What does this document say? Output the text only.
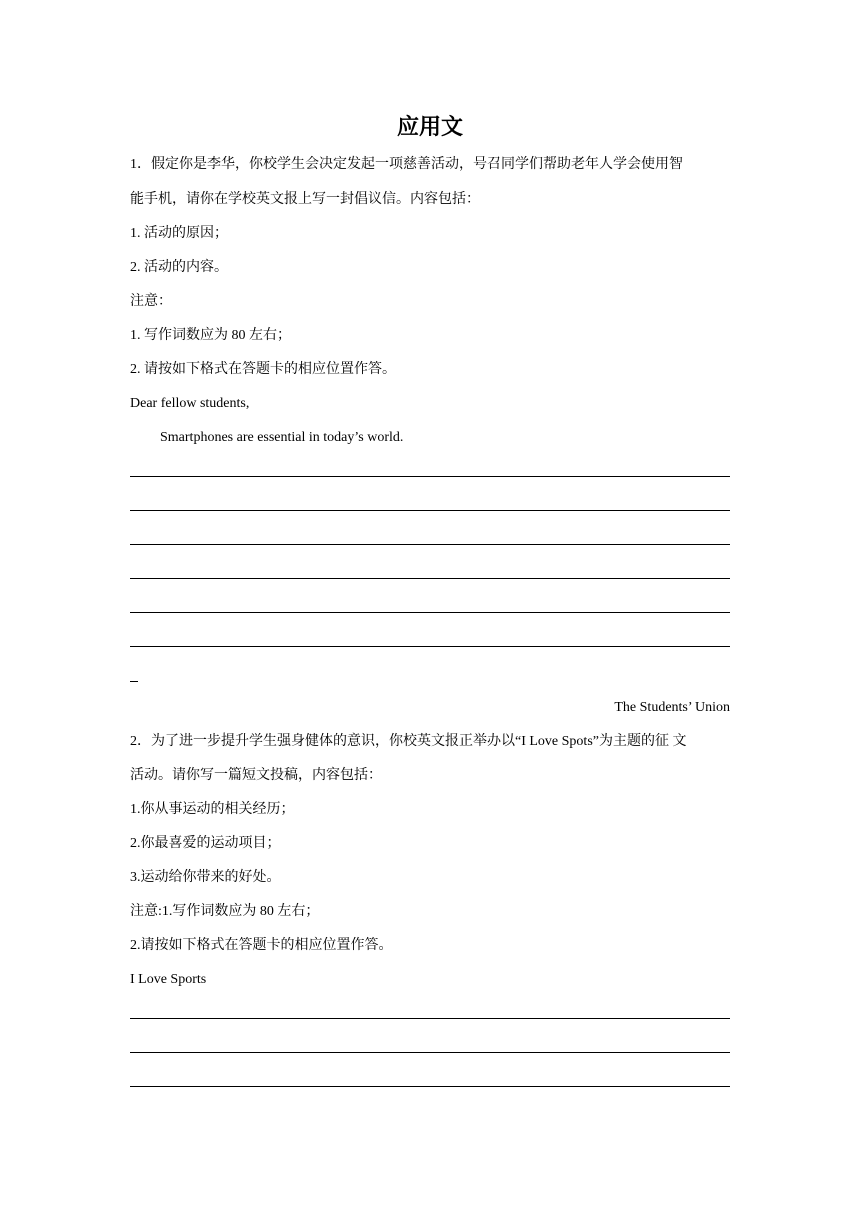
应用文
1．假定你是李华，你校学生会决定发起一项慈善活动，号召同学们帮助老年人学会使用智
能手机，请你在学校英文报上写一封倡议信。内容包括：
1. 活动的原因；
2. 活动的内容。
注意：
1. 写作词数应为 80 左右；
2. 请按如下格式在答题卡的相应位置作答。
Dear fellow students,
Smartphones are essential in today’s world.
The Students’ Union
2．为了进一步提升学生强身健体的意识，你校英文报正举办以“I Love Spots”为主题的征 文
活动。请你写一篇短文投稿，内容包括：
1.你从事运动的相关经历；
2.你最喜爱的运动项目；
3.运动给你带来的好处。
注意:1.写作词数应为 80 左右；
2.请按如下格式在答题卡的相应位置作答。
I Love Sports
